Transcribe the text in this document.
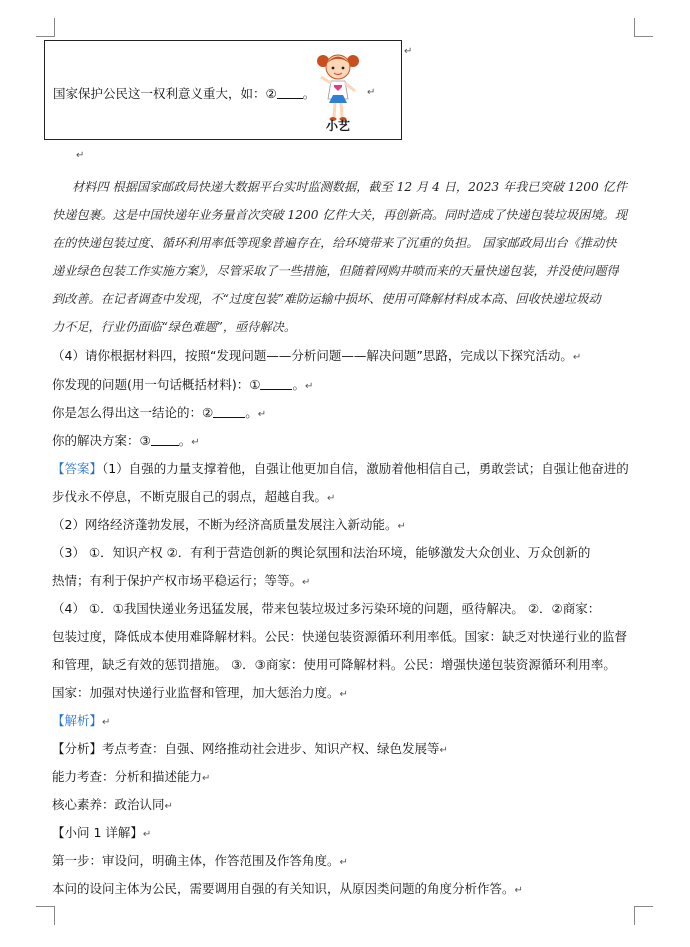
国家保护公民这一权利意义重大，如：② 。
小艺
↵
↵
↵
材料四 根据国家邮政局快递大数据平台实时监测数据，截至 12 月 4 日，2023 年我已突破 1200 亿件
快递包裹。这是中国快递年业务量首次突破 1200 亿件大关，再创新高。同时造成了快递包装垃圾困境。现
在的快递包装过度、循环利用率低等现象普遍存在，给环境带来了沉重的负担。 国家邮政局出台《推动快
递业绿色包装工作实施方案》，尽管采取了一些措施，但随着网购井喷而来的天量快递包装，并没使问题得
到改善。在记者调查中发现，不“过度包装”难防运输中损坏、使用可降解材料成本高、回收快递垃圾动
力不足，行业仍面临“绿色难题”，亟待解决。
（4）请你根据材料四，按照“发现问题——分析问题——解决问题”思路，完成以下探究活动。↵
你发现的问题(用一句话概括材料)：①	。↵
你是怎么得出这一结论的：②	。↵
你的解决方案：③ 。↵
【答案】（1）自强的力量支撑着他，自强让他更加自信，激励着他相信自己，勇敢尝试；自强让他奋进的
步伐永不停息，不断克服自己的弱点，超越自我。↵
（2）网络经济蓬勃发展，不断为经济高质量发展注入新动能。↵
（3） ①．知识产权 ②．有利于营造创新的舆论氛围和法治环境，能够激发大众创业、万众创新的
热情；有利于保护产权市场平稳运行；等等。↵
（4） ①．①我国快递业务迅猛发展，带来包装垃圾过多污染环境的问题，亟待解决。 ②．②商家：
包装过度，降低成本使用难降解材料。公民：快递包装资源循环利用率低。国家：缺乏对快递行业的监督
和管理，缺乏有效的惩罚措施。 ③．③商家：使用可降解材料。公民：增强快递包装资源循环利用率。
国家：加强对快递行业监督和管理，加大惩治力度。↵
【解析】↵
【分析】考点考查：自强、网络推动社会进步、知识产权、绿色发展等↵
能力考查：分析和描述能力↵
核心素养：政治认同↵
【小问 1 详解】↵
第一步：审设问，明确主体，作答范围及作答角度。↵
本问的设问主体为公民，需要调用自强的有关知识，从原因类问题的角度分析作答。↵
